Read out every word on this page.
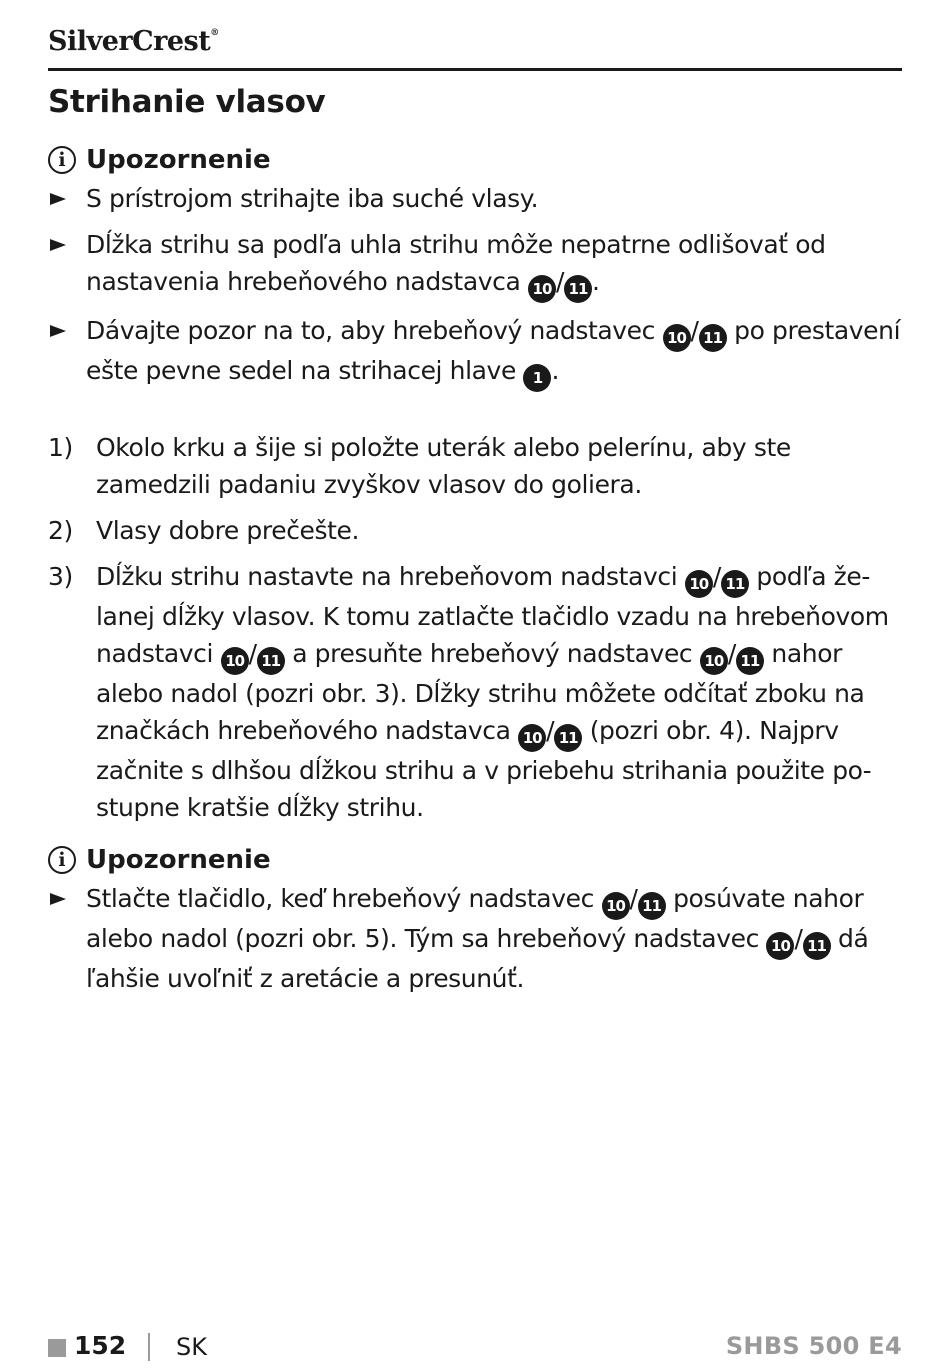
SilverCrest®
Strihanie vlasov
i Upozornenie
S prístrojom strihajte iba suché vlasy.
Dĺžka strihu sa podľa uhla strihu môže nepatrne odlišovať od nastavenia hrebeňového nadstavca 10 / 11 .
Dávajte pozor na to, aby hrebeňový nadstavec 10 / 11 po prestavení ešte pevne sedel na strihacej hlave 1 .
1) Okolo krku a šije si položte uterák alebo pelerínu, aby ste zamedzili padaniu zvyškov vlasov do goliera.
2) Vlasy dobre prečešte.
3) Dĺžku strihu nastavte na hrebeňovom nadstavci 10 / 11 podľa želanej dĺžky vlasov. K tomu zatlačte tlačidlo vzadu na hrebeňovom nadstavci 10 / 11 a presuňte hrebeňový nadstavec 10 / 11 nahor alebo nadol (pozri obr. 3). Dĺžky strihu môžete odčítať zboku na značkách hrebeňového nadstavca 10 / 11 (pozri obr. 4). Najprv začnite s dlhšou dĺžkou strihu a v priebehu strihania použite postupne kratšie dĺžky strihu.
i Upozornenie
Stlačte tlačidlo, keď hrebeňový nadstavec 10 / 11 posúvate nahor alebo nadol (pozri obr. 5). Tým sa hrebeňový nadstavec 10 / 11 dá ľahšie uvoľniť z aretácie a presunúť.
152 SK	SHBS 500 E4
